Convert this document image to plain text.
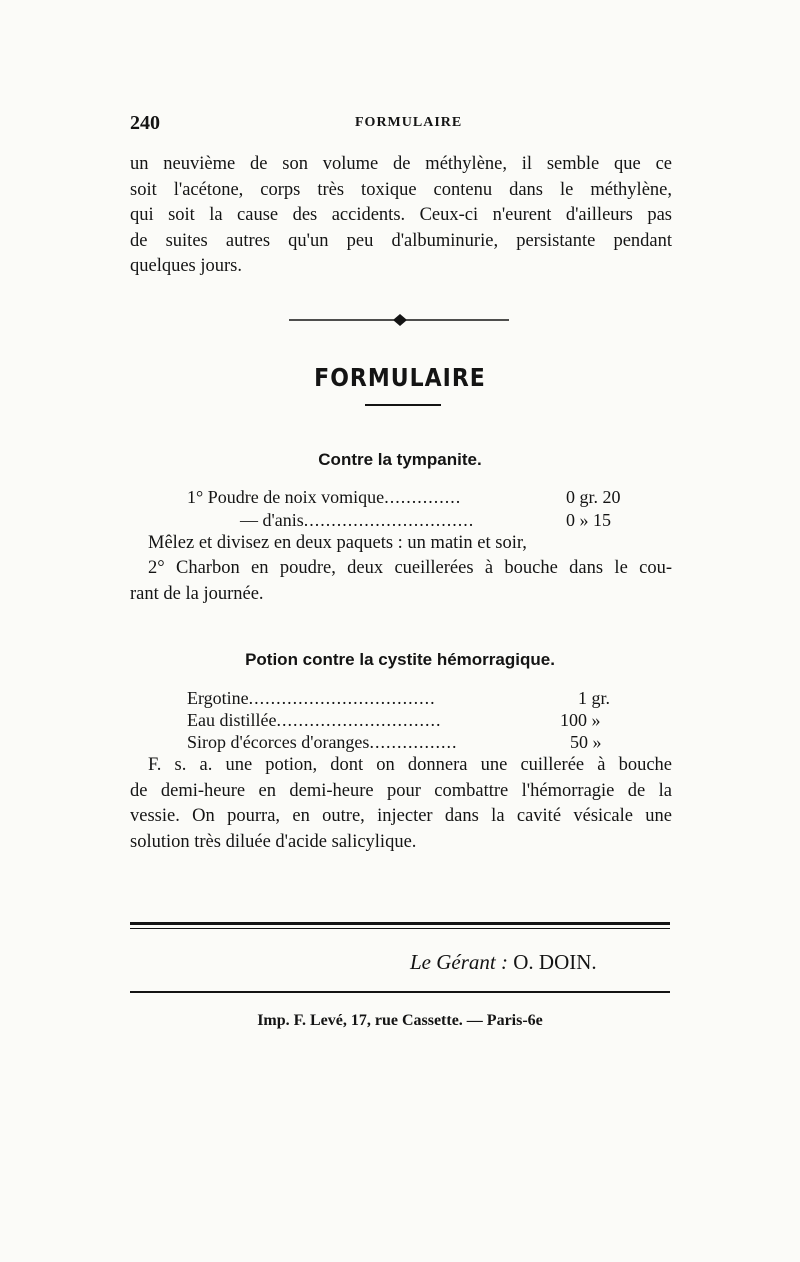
240	FORMULAIRE
un neuvième de son volume de méthylène, il semble que ce
soit l'acétone, corps très toxique contenu dans le méthylène,
qui soit la cause des accidents. Ceux-ci n'eurent d'ailleurs pas
de suites autres qu'un peu d'albuminurie, persistante pendant
quelques jours.
FORMULAIRE
Contre la tympanite.
1° Poudre de noix vomique..............	0 gr. 20
— d'anis...............................	0 » 15
Mêlez et divisez en deux paquets : un matin et soir,
2° Charbon en poudre, deux cueillerées à bouche dans le cou-
rant de la journée.
Potion contre la cystite hémorragique.
Ergotine..................................	1 gr.
Eau distillée..............................	100 »
Sirop d'écorces d'oranges................	50 »
F. s. a. une potion, dont on donnera une cuillerée à bouche
de demi-heure en demi-heure pour combattre l'hémorragie de la
vessie. On pourra, en outre, injecter dans la cavité vésicale une
solution très diluée d'acide salicylique.
Le Gérant : O. DOIN.
Imp. F. Levé, 17, rue Cassette. — Paris-6e
